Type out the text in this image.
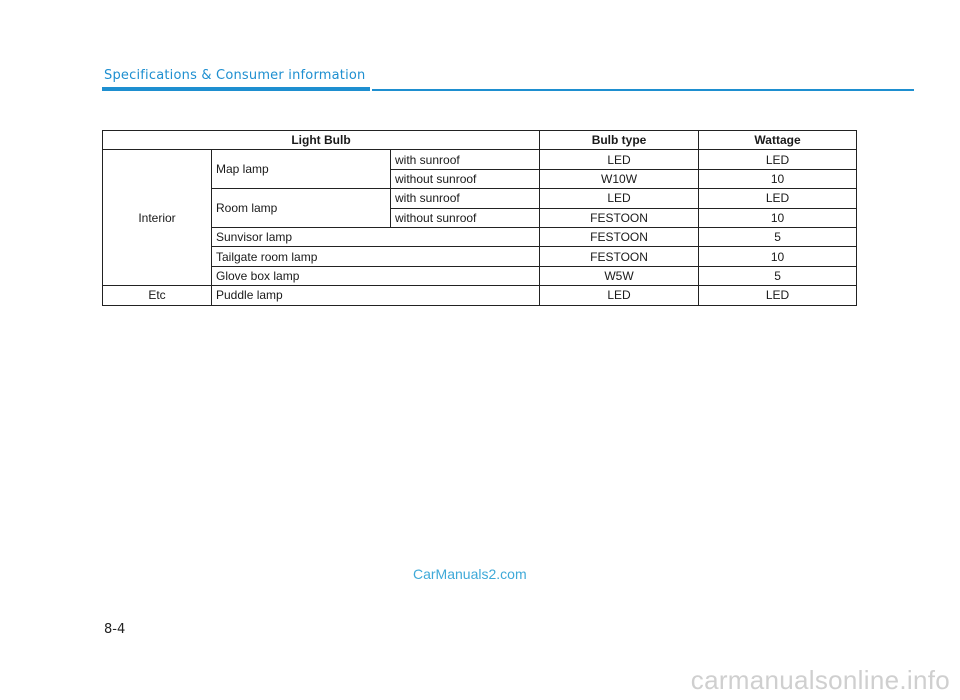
Specifications & Consumer information
Light Bulb			Bulb type	Wattage
Interior	Map lamp	with sunroof	LED	LED
		without sunroof	W10W	10
	Room lamp	with sunroof	LED	LED
		without sunroof	FESTOON	10
	Sunvisor lamp		FESTOON	5
	Tailgate room lamp		FESTOON	10
	Glove box lamp		W5W	5
Etc	Puddle lamp		LED	LED
CarManuals2.com
8-4
carmanualsonline.info
